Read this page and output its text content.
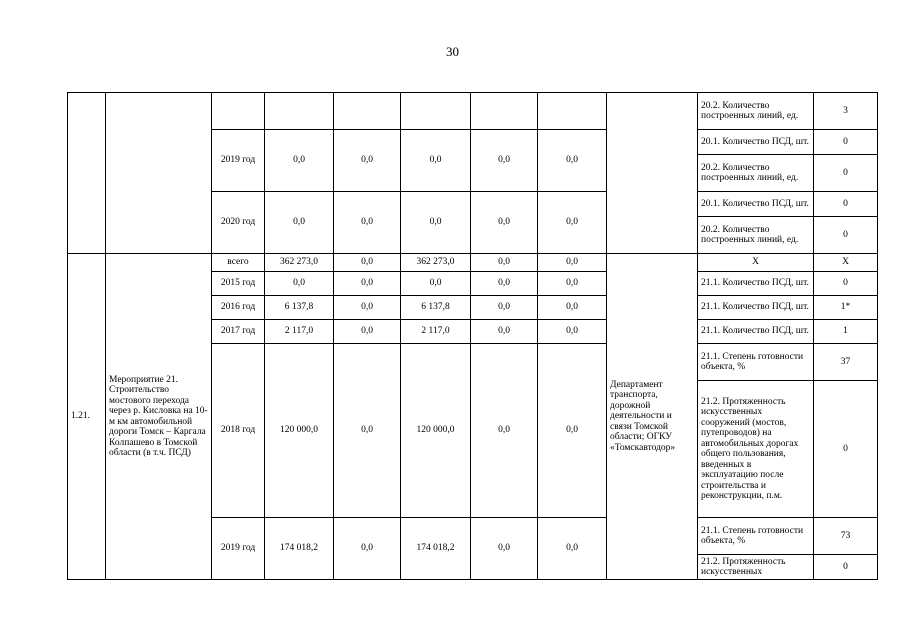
30
									20.2. Количество построенных линий, ед.	3
		2019 год	0,0	0,0	0,0	0,0	0,0		20.1. Количество ПСД, шт.	0
									20.2. Количество построенных линий, ед.	0
		2020 год	0,0	0,0	0,0	0,0	0,0		20.1. Количество ПСД, шт.	0
									20.2. Количество построенных линий, ед.	0
1.21.	Мероприятие 21. Строительство мостового перехода через р. Кисловка на 10-м км автомобильной дороги Томск – Каргала Колпашево в Томской области (в т.ч. ПСД)	всего	362 273,0	0,0	362 273,0	0,0	0,0	Департамент транспорта, дорожной деятельности и связи Томской области; ОГКУ «Томскавтодор»	Х	Х
		2015 год	0,0	0,0	0,0	0,0	0,0		21.1. Количество ПСД, шт.	0
		2016 год	6 137,8	0,0	6 137,8	0,0	0,0		21.1. Количество ПСД, шт.	1*
		2017 год	2 117,0	0,0	2 117,0	0,0	0,0		21.1. Количество ПСД, шт.	1
		2018 год	120 000,0	0,0	120 000,0	0,0	0,0		21.1. Степень готовности объекта, %	37
									21.2. Протяженность искусственных сооружений (мостов, путепроводов) на автомобильных дорогах общего пользования, введенных в эксплуатацию после строительства и реконструкции, п.м.	0
		2019 год	174 018,2	0,0	174 018,2	0,0	0,0		21.1. Степень готовности объекта, %	73
									21.2. Протяженность искусственных	0
